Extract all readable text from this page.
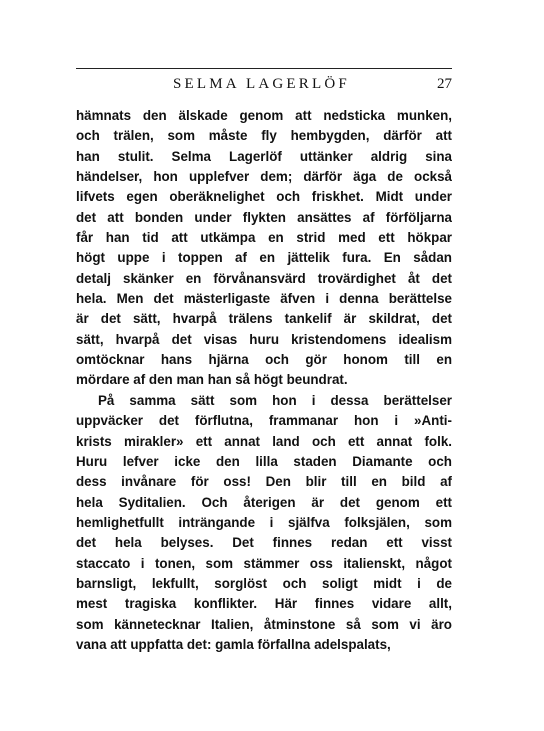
SELMA LAGERLÖF	27
hämnats den älskade genom att nedsticka munken,
och trälen, som måste fly hembygden, därför att
han stulit. Selma Lagerlöf uttänker aldrig sina
händelser, hon upplefver dem; därför äga de också
lifvets egen oberäknelighet och friskhet. Midt under
det att bonden under flykten ansättes af förföljarna
får han tid att utkämpa en strid med ett hökpar
högt uppe i toppen af en jättelik fura. En sådan
detalj skänker en förvånansvärd trovärdighet åt det
hela. Men det mästerligaste äfven i denna berättelse
är det sätt, hvarpå trälens tankelif är skildrat, det
sätt, hvarpå det visas huru kristendomens idealism
omtöcknar hans hjärna och gör honom till en
mördare af den man han så högt beundrat.
På samma sätt som hon i dessa berättelser
uppväcker det förflutna, frammanar hon i »Anti-
krists mirakler» ett annat land och ett annat folk.
Huru lefver icke den lilla staden Diamante och
dess invånare för oss! Den blir till en bild af
hela Syditalien. Och återigen är det genom ett
hemlighetfullt inträngande i själfva folksjälen, som
det hela belyses. Det finnes redan ett visst
staccato i tonen, som stämmer oss italienskt, något
barnsligt, lekfullt, sorglöst och soligt midt i de
mest tragiska konflikter. Här finnes vidare allt,
som kännetecknar Italien, åtminstone så som vi äro
vana att uppfatta det: gamla förfallna adelspalats,
